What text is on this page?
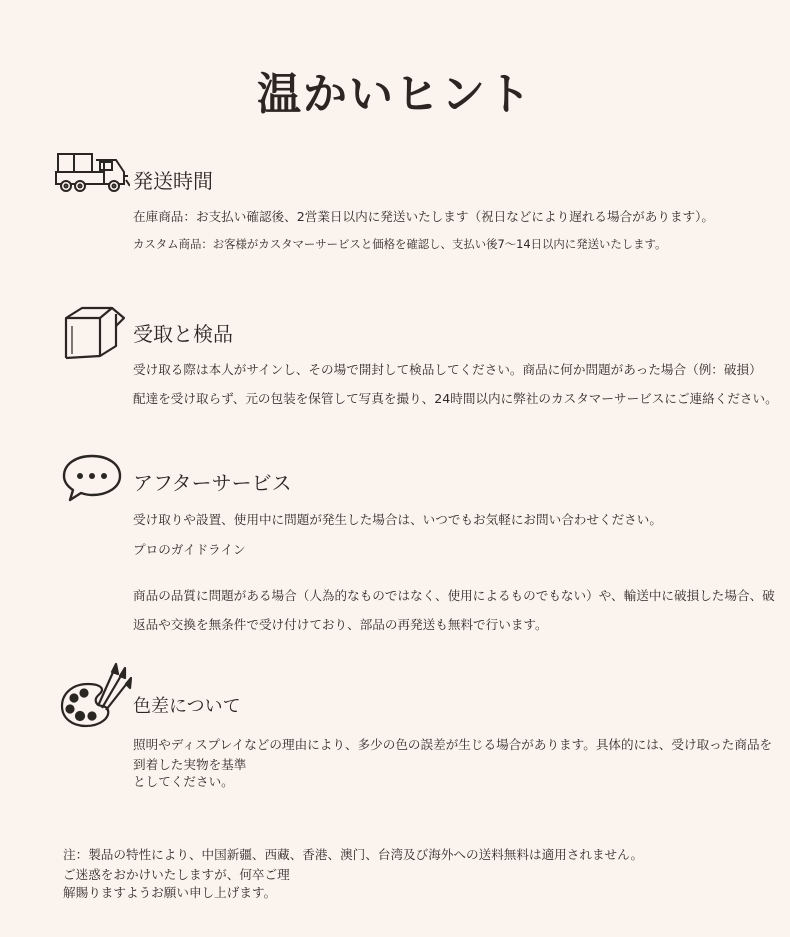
温かいヒント
発送時間
在庫商品：お支払い確認後、2営業日以内に発送いたします（祝日などにより遅れる場合があります）。
カスタム商品：お客様がカスタマーサービスと価格を確認し、支払い後7〜14日以内に発送いたします。
受取と検品
受け取る際は本人がサインし、その場で開封して検品してください。商品に何か問題があった場合（例：破損）
配達を受け取らず、元の包装を保管して写真を撮り、24時間以内に弊社のカスタマーサービスにご連絡ください。
アフターサービス
受け取りや設置、使用中に問題が発生した場合は、いつでもお気軽にお問い合わせください。
プロのガイドライン
商品の品質に問題がある場合（人為的なものではなく、使用によるものでもない）や、輸送中に破損した場合、破
返品や交換を無条件で受け付けており、部品の再発送も無料で行います。
色差について
照明やディスプレイなどの理由により、多少の色の誤差が生じる場合があります。具体的には、受け取った商品を
到着した実物を基準
としてください。
注：製品の特性により、中国新疆、西藏、香港、澳门、台湾及び海外への送料無料は適用されません。
ご迷惑をおかけいたしますが、何卒ご理
解賜りますようお願い申し上げます。
